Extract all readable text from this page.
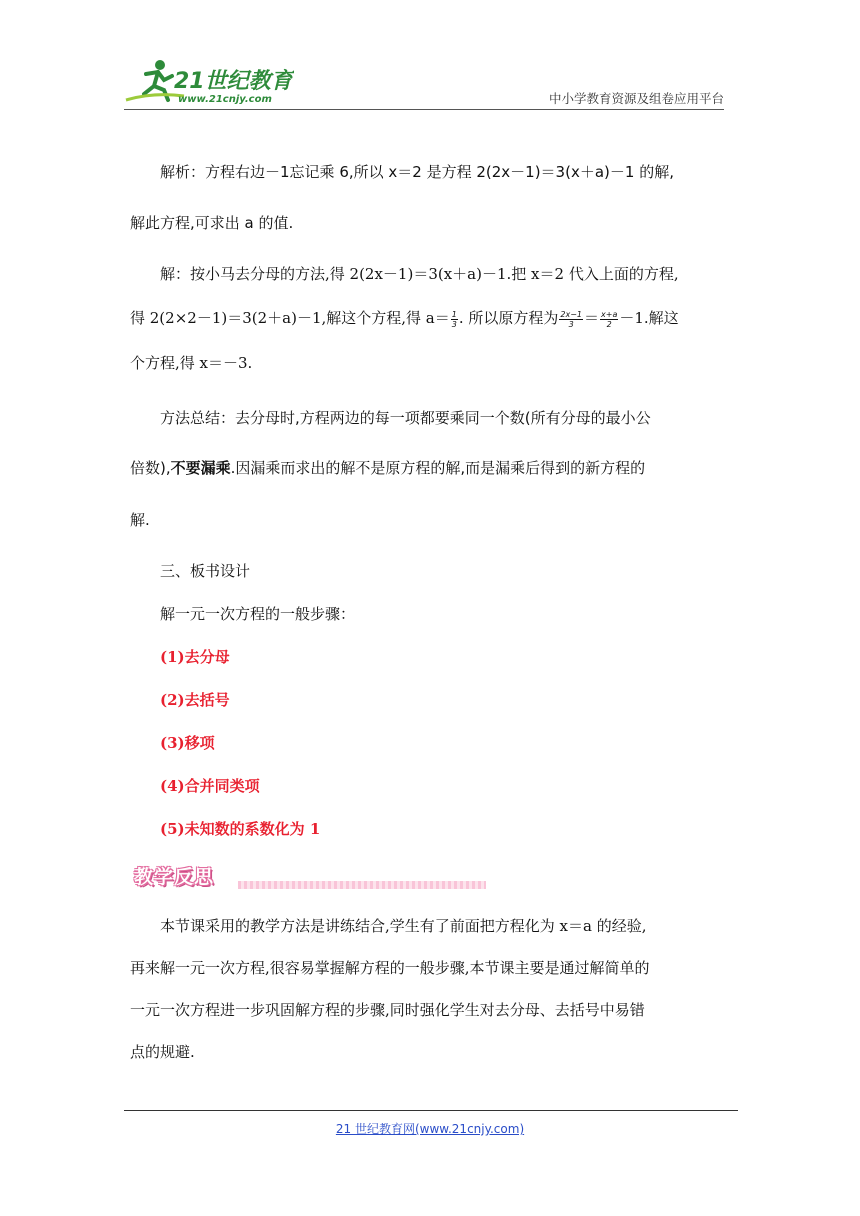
21世纪教育
www.21cnjy.com	中小学教育资源及组卷应用平台
解析：方程右边－1忘记乘 6,所以 x＝2 是方程 2(2x－1)＝3(x＋a)－1 的解,
解此方程,可求出 a 的值.
解：按小马去分母的方法,得 2(2x－1)＝3(x＋a)－1.把 x＝2 代入上面的方程,
得 2(2×2－1)＝3(2＋a)－1,解这个方程,得 $a= \frac{1}{3}$ . 所以原方程为 $\frac{2x-1}{3} = \frac{x+a}{2} -1$.解这
个方程,得 x＝－3.
方法总结：去分母时,方程两边的每一项都要乘同一个数(所有分母的最小公
倍数),不要漏乘.因漏乘而求出的解不是原方程的解,而是漏乘后得到的新方程的
解.
三、板书设计
解一元一次方程的一般步骤：
(1)去分母
(2)去括号
(3)移项
(4)合并同类项
(5)未知数的系数化为 1
教学反思
本节课采用的教学方法是讲练结合,学生有了前面把方程化为 x＝a 的经验,
再来解一元一次方程,很容易掌握解方程的一般步骤,本节课主要是通过解简单的
一元一次方程进一步巩固解方程的步骤,同时强化学生对去分母、去括号中易错
点的规避.
21 世纪教育网(www.21cnjy.com)
